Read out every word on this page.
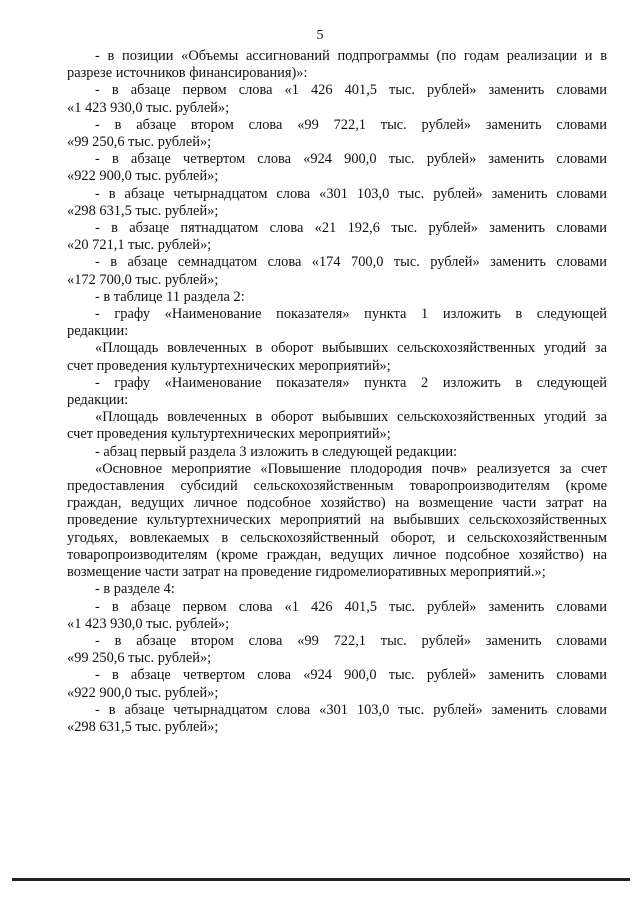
5

- в позиции «Объемы ассигнований подпрограммы (по годам реализации и в
разрезе источников финансирования)»:

- в абзаце первом слова «1 426 401,5 тыс. рублей» заменить словами
«1 423 930,0 тыс. рублей»;

- в абзаце втором слова «99 722,1 тыс. рублей» заменить словами
«99 250,6 тыс. рублей»;

- в абзаце четвертом слова «924 900,0 тыс. рублей» заменить словами
«922 900,0 тыс. рублей»;

- в абзаце четырнадцатом слова «301 103,0 тыс. рублей» заменить словами
«298 631,5 тыс. рублей»;

- в абзаце пятнадцатом слова «21 192,6 тыс. рублей» заменить словами
«20 721,1 тыс. рублей»;

- в абзаце семнадцатом слова «174 700,0 тыс. рублей» заменить словами
«172 700,0 тыс. рублей»;

- в таблице 11 раздела 2:

- графу «Наименование показателя» пункта 1 изложить в следующей
редакции:

«Площадь вовлеченных в оборот выбывших сельскохозяйственных угодий за
счет проведения культуртехнических мероприятий»;

- графу «Наименование показателя» пункта 2 изложить в следующей
редакции:

«Площадь вовлеченных в оборот выбывших сельскохозяйственных угодий за
счет проведения культуртехнических мероприятий»;

- абзац первый раздела 3 изложить в следующей редакции:

«Основное мероприятие «Повышение плодородия почв» реализуется за счет
предоставления субсидий сельскохозяйственным товаропроизводителям (кроме
граждан, ведущих личное подсобное хозяйство) на возмещение части затрат на
проведение культуртехнических мероприятий на выбывших сельскохозяйственных
угодьях, вовлекаемых в сельскохозяйственный оборот, и сельскохозяйственным
товаропроизводителям (кроме граждан, ведущих личное подсобное хозяйство) на
возмещение части затрат на проведение гидромелиоративных мероприятий.»;

- в разделе 4:

- в абзаце первом слова «1 426 401,5 тыс. рублей» заменить словами
«1 423 930,0 тыс. рублей»;

- в абзаце втором слова «99 722,1 тыс. рублей» заменить словами
«99 250,6 тыс. рублей»;

- в абзаце четвертом слова «924 900,0 тыс. рублей» заменить словами
«922 900,0 тыс. рублей»;

- в абзаце четырнадцатом слова «301 103,0 тыс. рублей» заменить словами
«298 631,5 тыс. рублей»;
